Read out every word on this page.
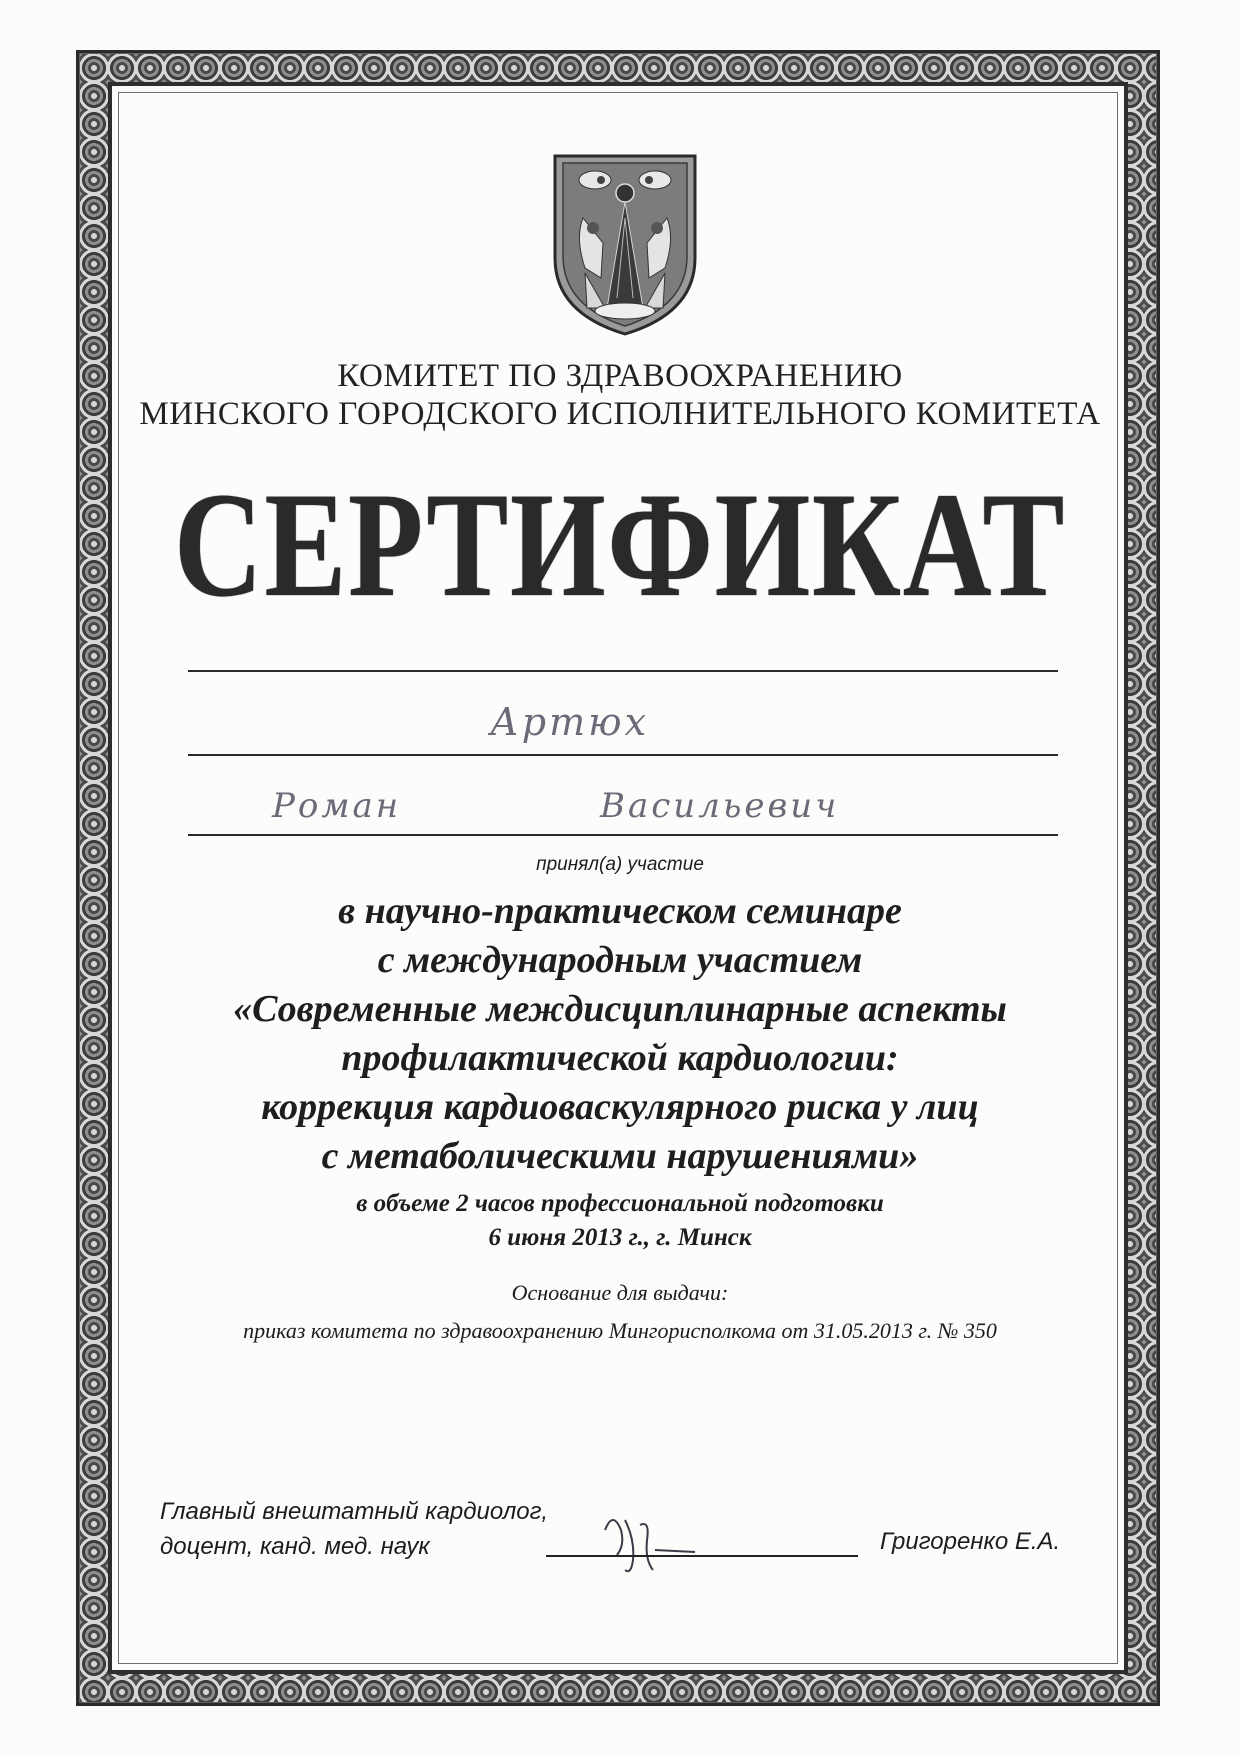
КОМИТЕТ ПО ЗДРАВООХРАНЕНИЮ
МИНСКОГО ГОРОДСКОГО ИСПОЛНИТЕЛЬНОГО КОМИТЕТА
СЕРТИФИКАТ
Артюх
Роман	Васильевич
принял(а) участие
в научно-практическом семинаре
с международным участием
«Современные междисциплинарные аспекты
профилактической кардиологии:
коррекция кардиоваскулярного риска у лиц
с метаболическими нарушениями»
в объеме 2 часов профессиональной подготовки
6 июня 2013 г., г. Минск
Основание для выдачи:
приказ комитета по здравоохранению Мингорисполкома от 31.05.2013 г. № 350
Главный внештатный кардиолог,
доцент, канд. мед. наук	Григоренко Е.А.
